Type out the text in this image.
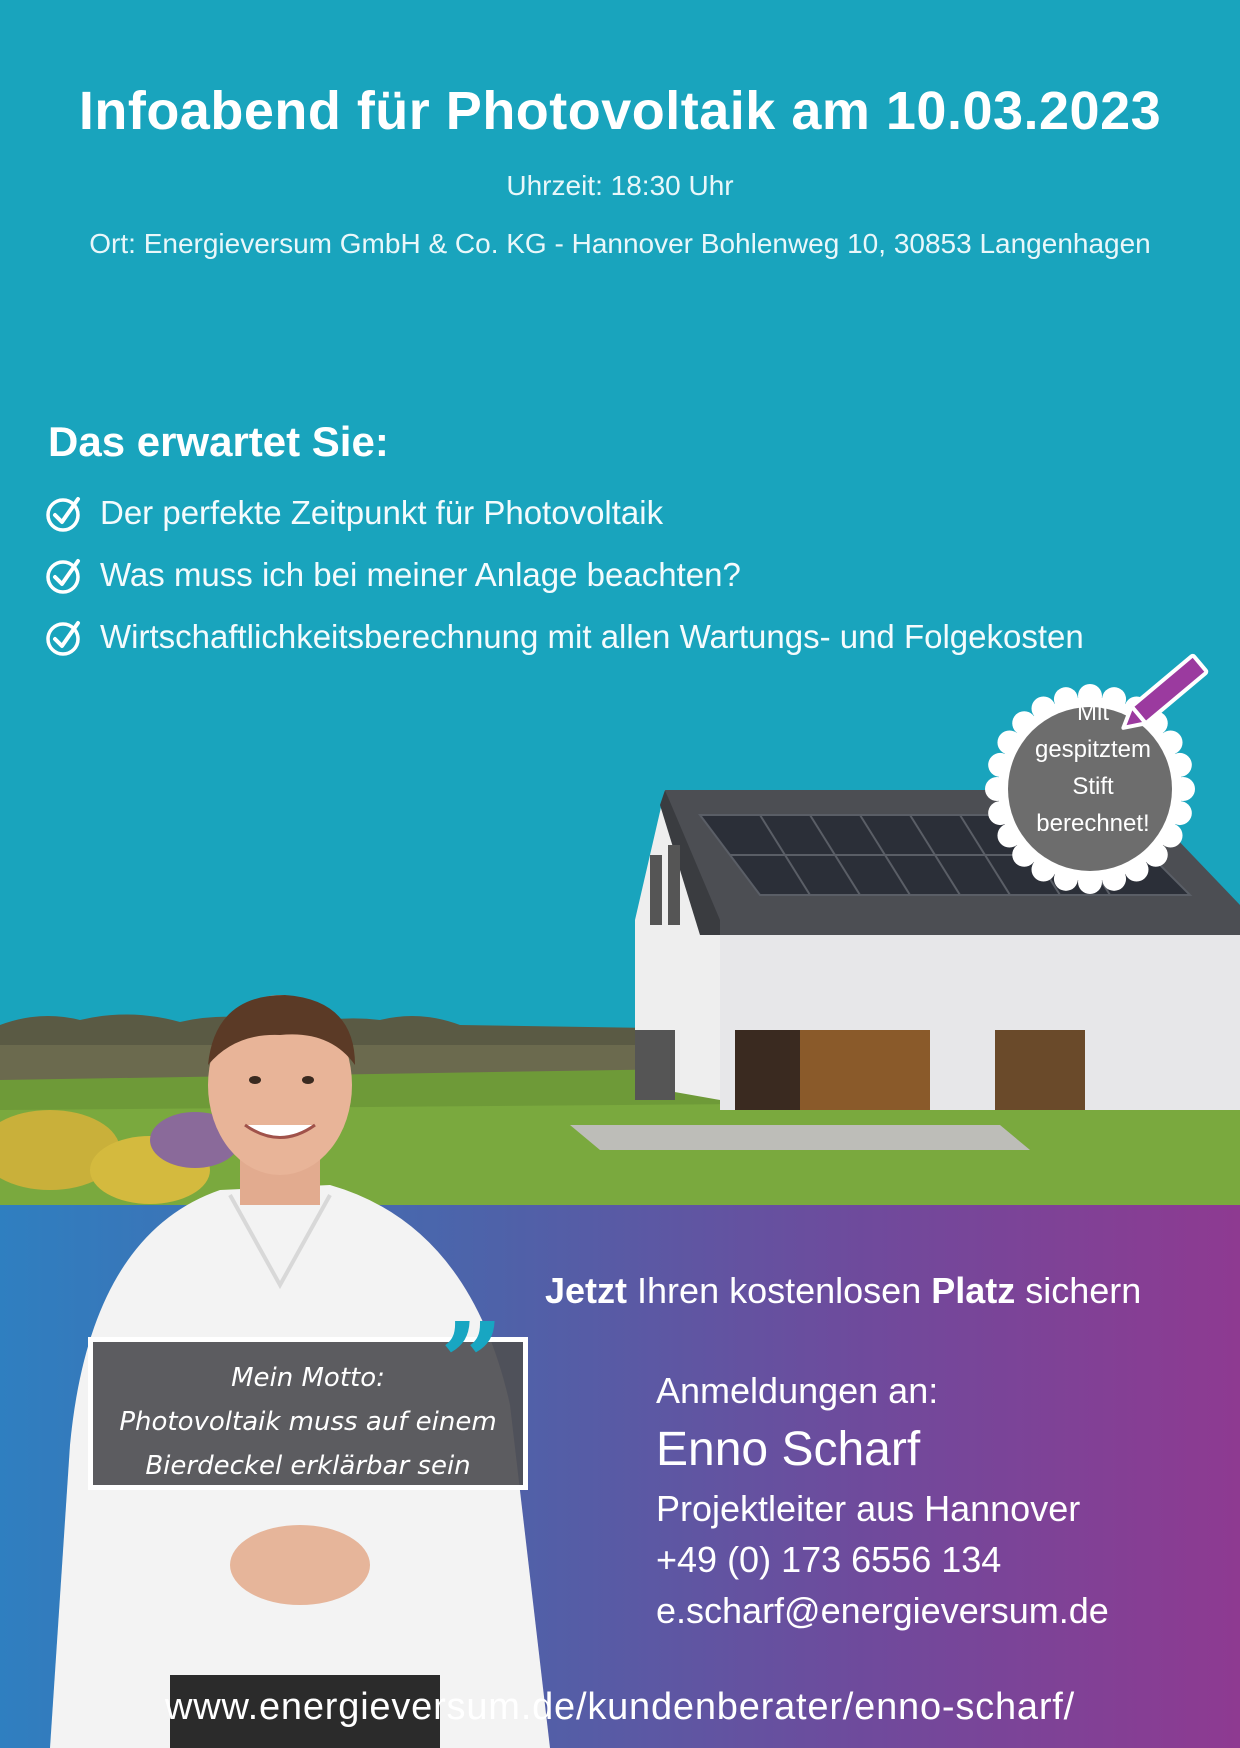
Infoabend für Photovoltaik am 10.03.2023
Uhrzeit: 18:30 Uhr
Ort: Energieversum GmbH & Co. KG - Hannover Bohlenweg 10, 30853 Langenhagen
Das erwartet Sie:
Der perfekte Zeitpunkt für Photovoltaik
Was muss ich bei meiner Anlage beachten?
Wirtschaftlichkeitsberechnung mit allen Wartungs- und Folgekosten
Mein Motto:
Photovoltaik muss auf einem
Bierdeckel erklärbar sein
”
Mit
gespitztem
Stift
berechnet!
Jetzt Ihren kostenlosen Platz sichern
Anmeldungen an:
Enno Scharf
Projektleiter aus Hannover
+49 (0) 173 6556 134
e.scharf@energieversum.de
www.energieversum.de/kundenberater/enno-scharf/
